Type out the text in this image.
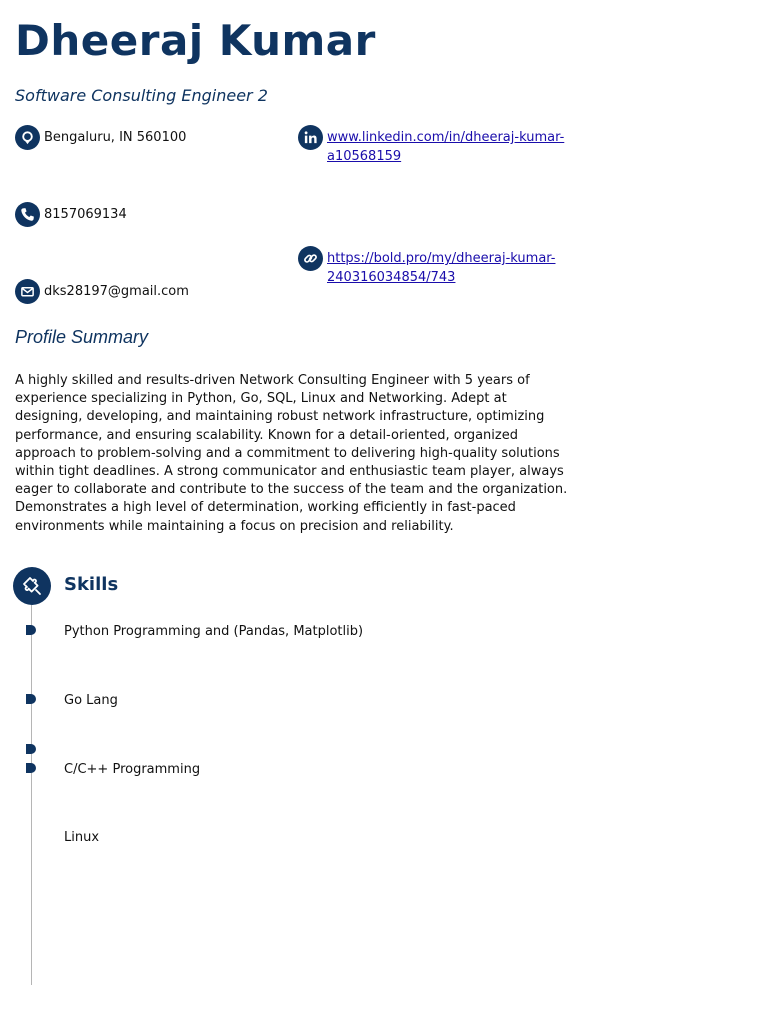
Dheeraj Kumar
Software Consulting Engineer 2
Bengaluru, IN 560100	www.linkedin.com/in/dheeraj-kumar-
a10568159
8157069134
https://bold.pro/my/dheeraj-kumar-
240316034854/743
dks28197@gmail.com
Profile Summary
A highly skilled and results-driven Network Consulting Engineer with 5 years of experience specializing in Python, Go, SQL, Linux and Networking. Adept at designing, developing, and maintaining robust network infrastructure, optimizing performance, and ensuring scalability. Known for a detail-oriented, organized approach to problem-solving and a commitment to delivering high-quality solutions within tight deadlines. A strong communicator and enthusiastic team player, always eager to collaborate and contribute to the success of the team and the organization. Demonstrates a high level of determination, working efficiently in fast-paced environments while maintaining a focus on precision and reliability.
Skills
Python Programming and (Pandas, Matplotlib)
Go Lang
C/C++ Programming
Linux
